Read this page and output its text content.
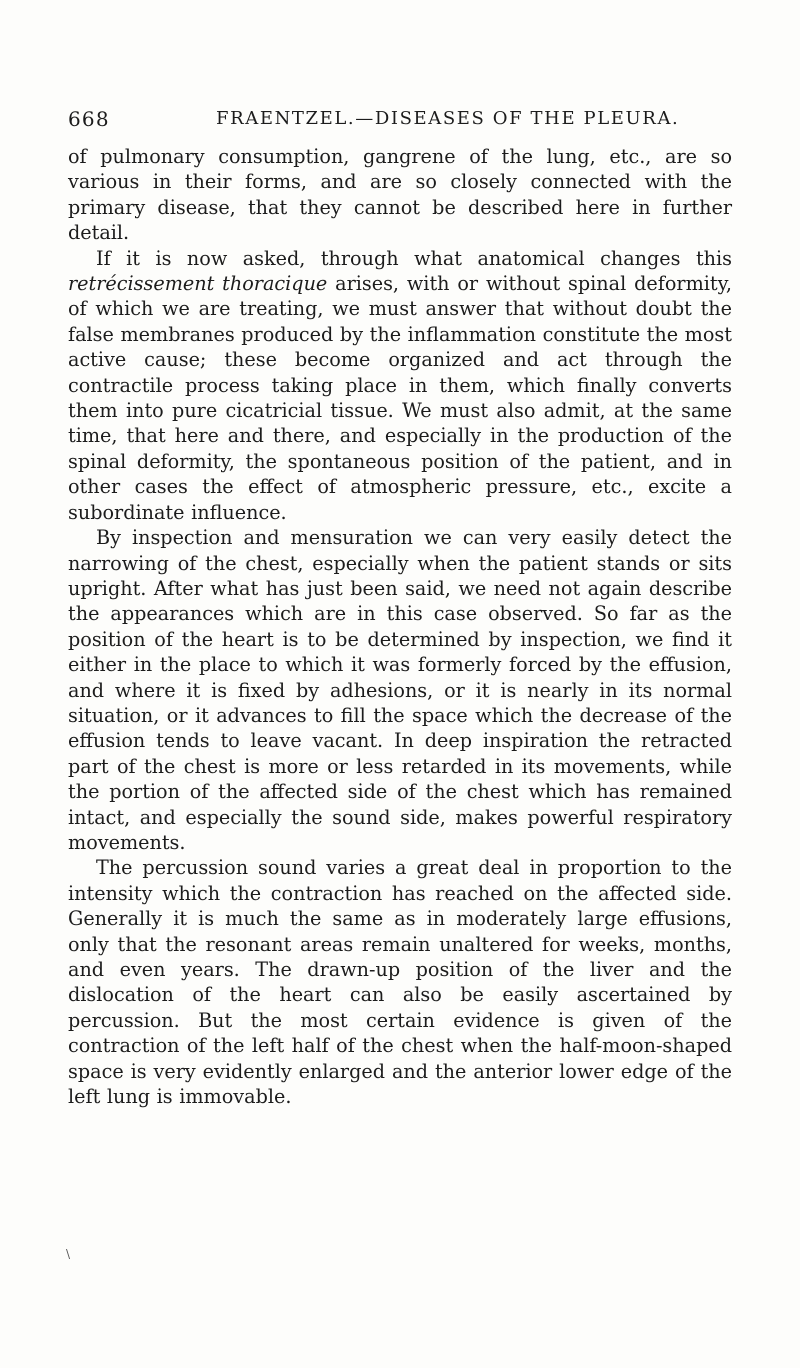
668	FRAENTZEL.—DISEASES OF THE PLEURA.

of pulmonary consumption, gangrene of the lung, etc., are so various in their forms, and are so closely connected with the primary disease, that they cannot be described here in further detail.

If it is now asked, through what anatomical changes this retrécissement thoracique arises, with or without spinal deformity, of which we are treating, we must answer that without doubt the false membranes produced by the inflammation constitute the most active cause; these become organized and act through the contractile process taking place in them, which finally converts them into pure cicatricial tissue. We must also admit, at the same time, that here and there, and especially in the production of the spinal deformity, the spontaneous position of the patient, and in other cases the effect of atmospheric pressure, etc., excite a subordinate influence.

By inspection and mensuration we can very easily detect the narrowing of the chest, especially when the patient stands or sits upright. After what has just been said, we need not again describe the appearances which are in this case observed. So far as the position of the heart is to be determined by inspection, we find it either in the place to which it was formerly forced by the effusion, and where it is fixed by adhesions, or it is nearly in its normal situation, or it advances to fill the space which the decrease of the effusion tends to leave vacant. In deep inspiration the retracted part of the chest is more or less retarded in its movements, while the portion of the affected side of the chest which has remained intact, and especially the sound side, makes powerful respiratory movements.

The percussion sound varies a great deal in proportion to the intensity which the contraction has reached on the affected side. Generally it is much the same as in moderately large effusions, only that the resonant areas remain unaltered for weeks, months, and even years. The drawn-up position of the liver and the dislocation of the heart can also be easily ascertained by percussion. But the most certain evidence is given of the contraction of the left half of the chest when the half-moon-shaped space is very evidently enlarged and the anterior lower edge of the left lung is immovable.

\
